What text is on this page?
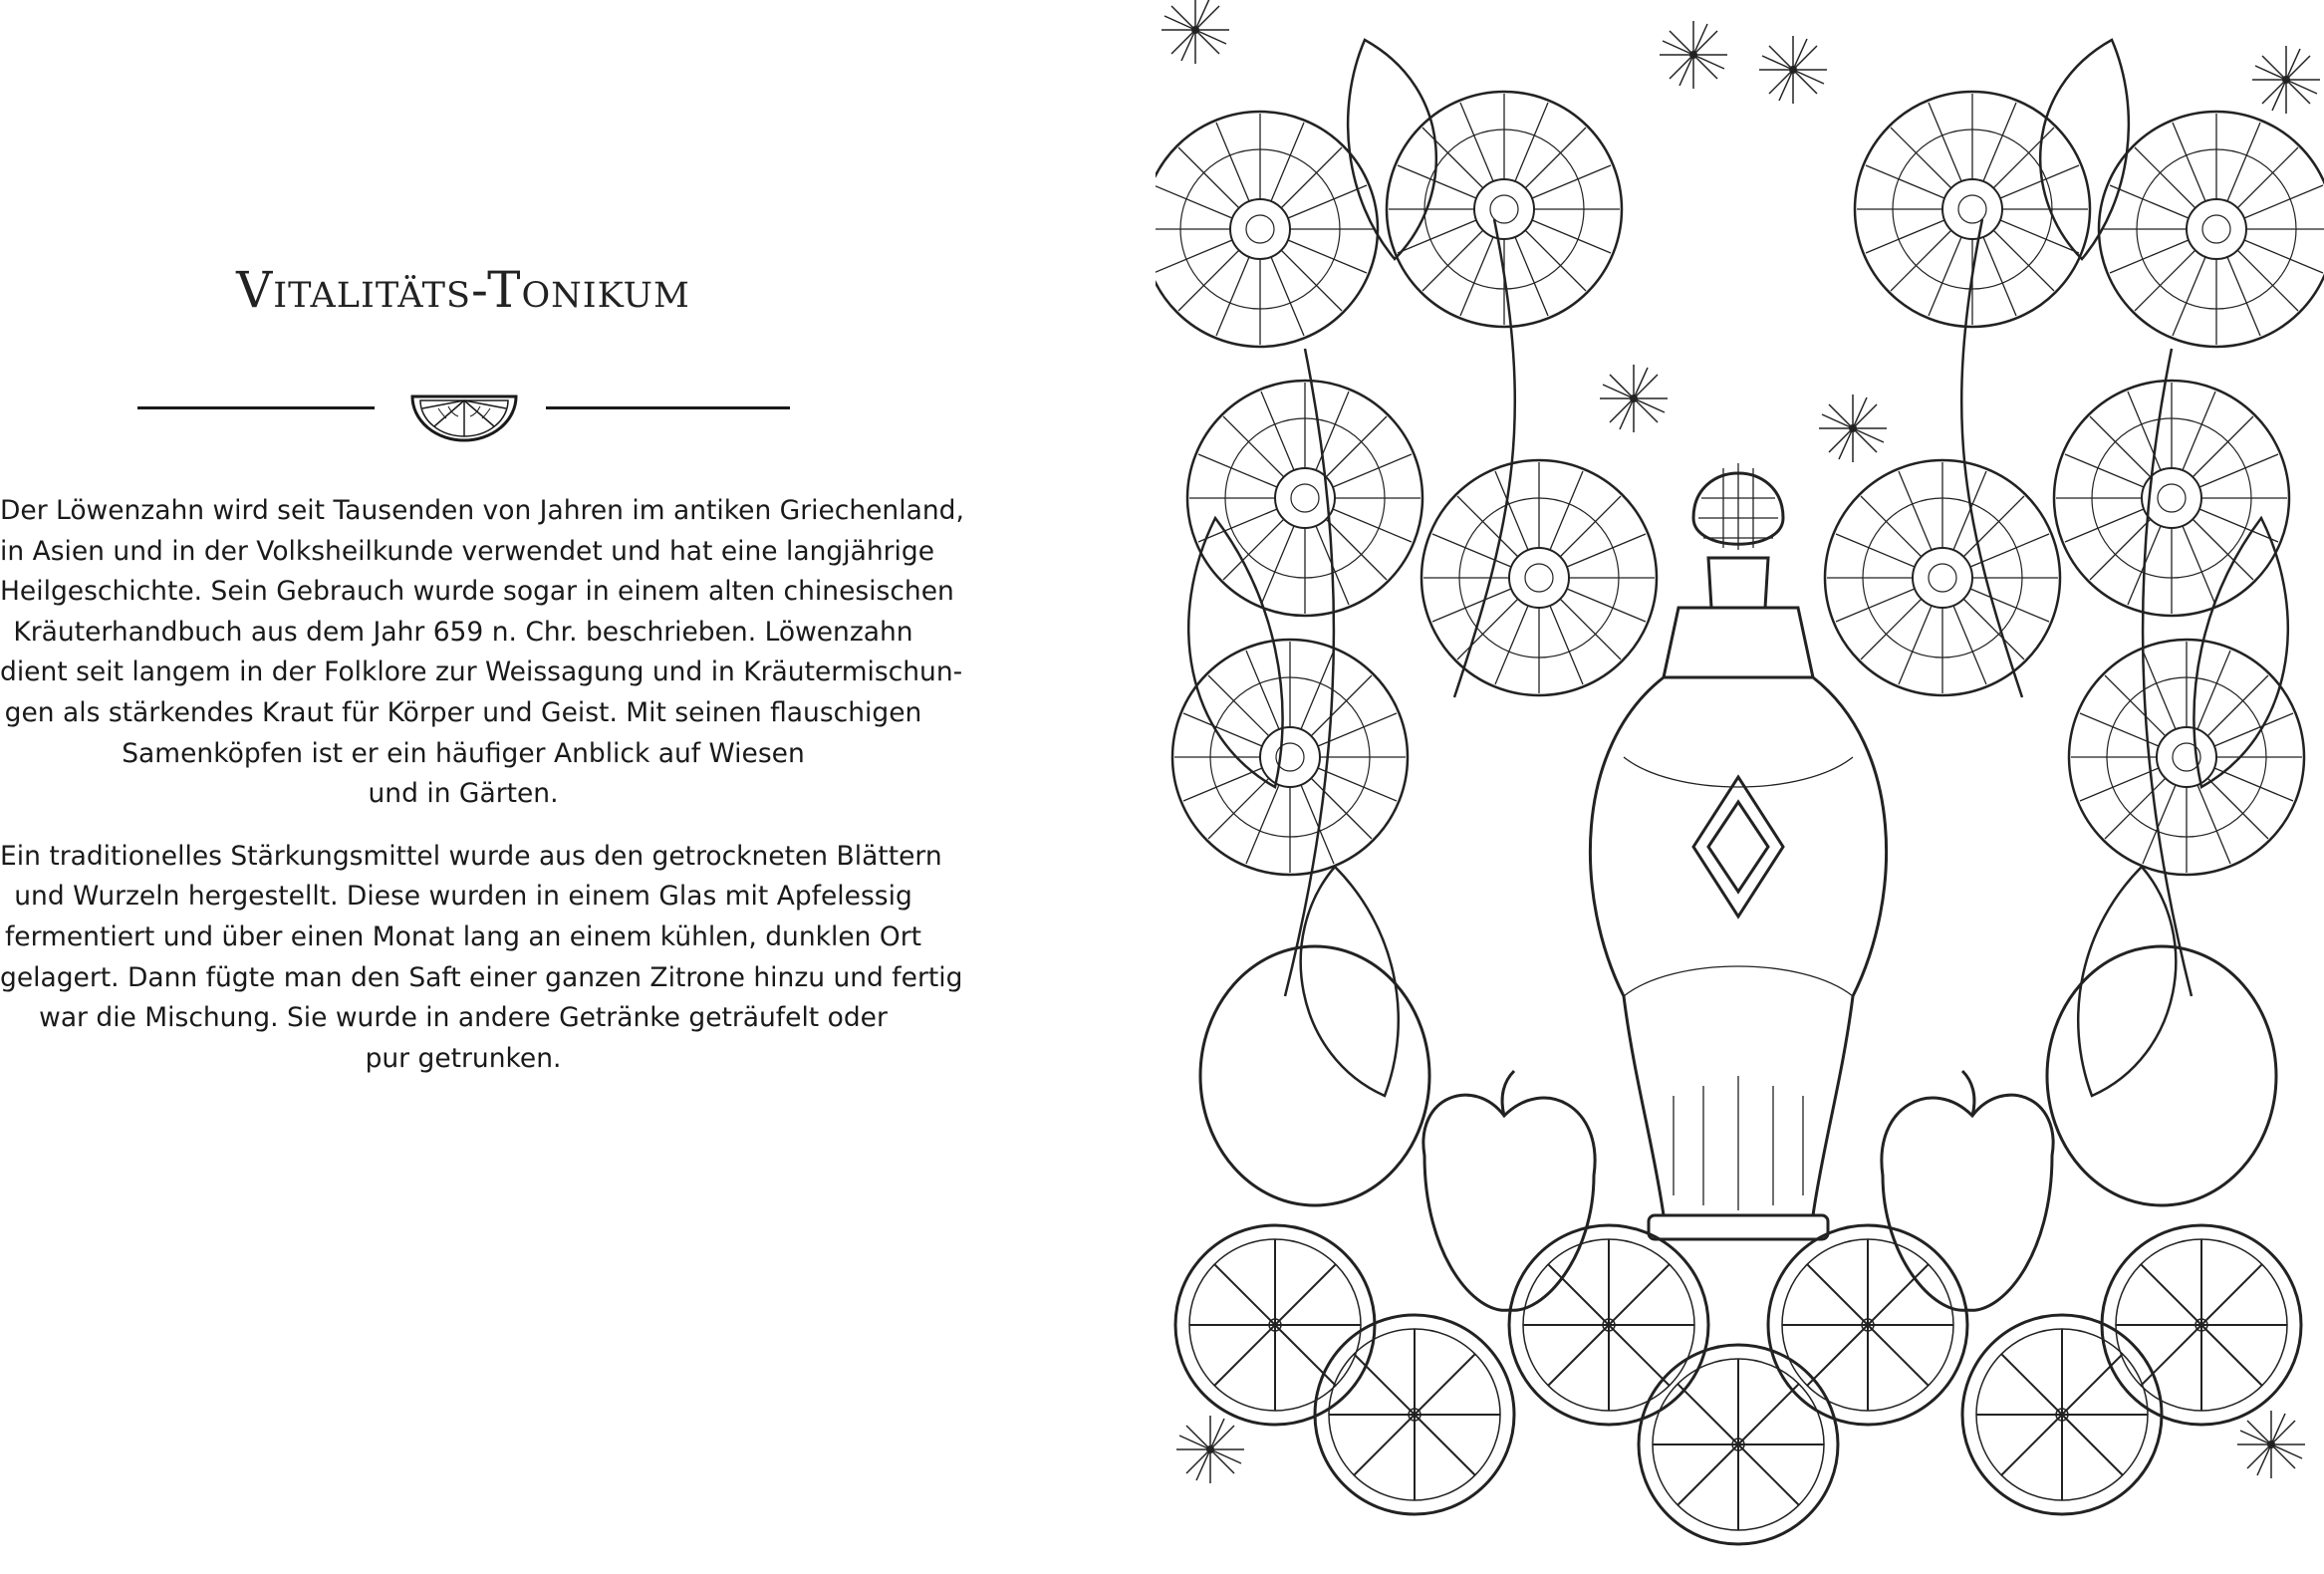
Vitalitäts-Tonikum

Der Löwenzahn wird seit Tausenden von Jahren im antiken Griechenland,
in Asien und in der Volksheilkunde verwendet und hat eine langjährige
Heilgeschichte. Sein Gebrauch wurde sogar in einem alten chinesischen
Kräuterhandbuch aus dem Jahr 659 n. Chr. beschrieben. Löwenzahn
dient seit langem in der Folklore zur Weissagung und in Kräutermischun-
gen als stärkendes Kraut für Körper und Geist. Mit seinen flauschigen
Samenköpfen ist er ein häufiger Anblick auf Wiesen
und in Gärten.

Ein traditionelles Stärkungsmittel wurde aus den getrockneten Blättern
und Wurzeln hergestellt. Diese wurden in einem Glas mit Apfelessig
fermentiert und über einen Monat lang an einem kühlen, dunklen Ort
gelagert. Dann fügte man den Saft einer ganzen Zitrone hinzu und fertig
war die Mischung. Sie wurde in andere Getränke geträufelt oder
pur getrunken.
